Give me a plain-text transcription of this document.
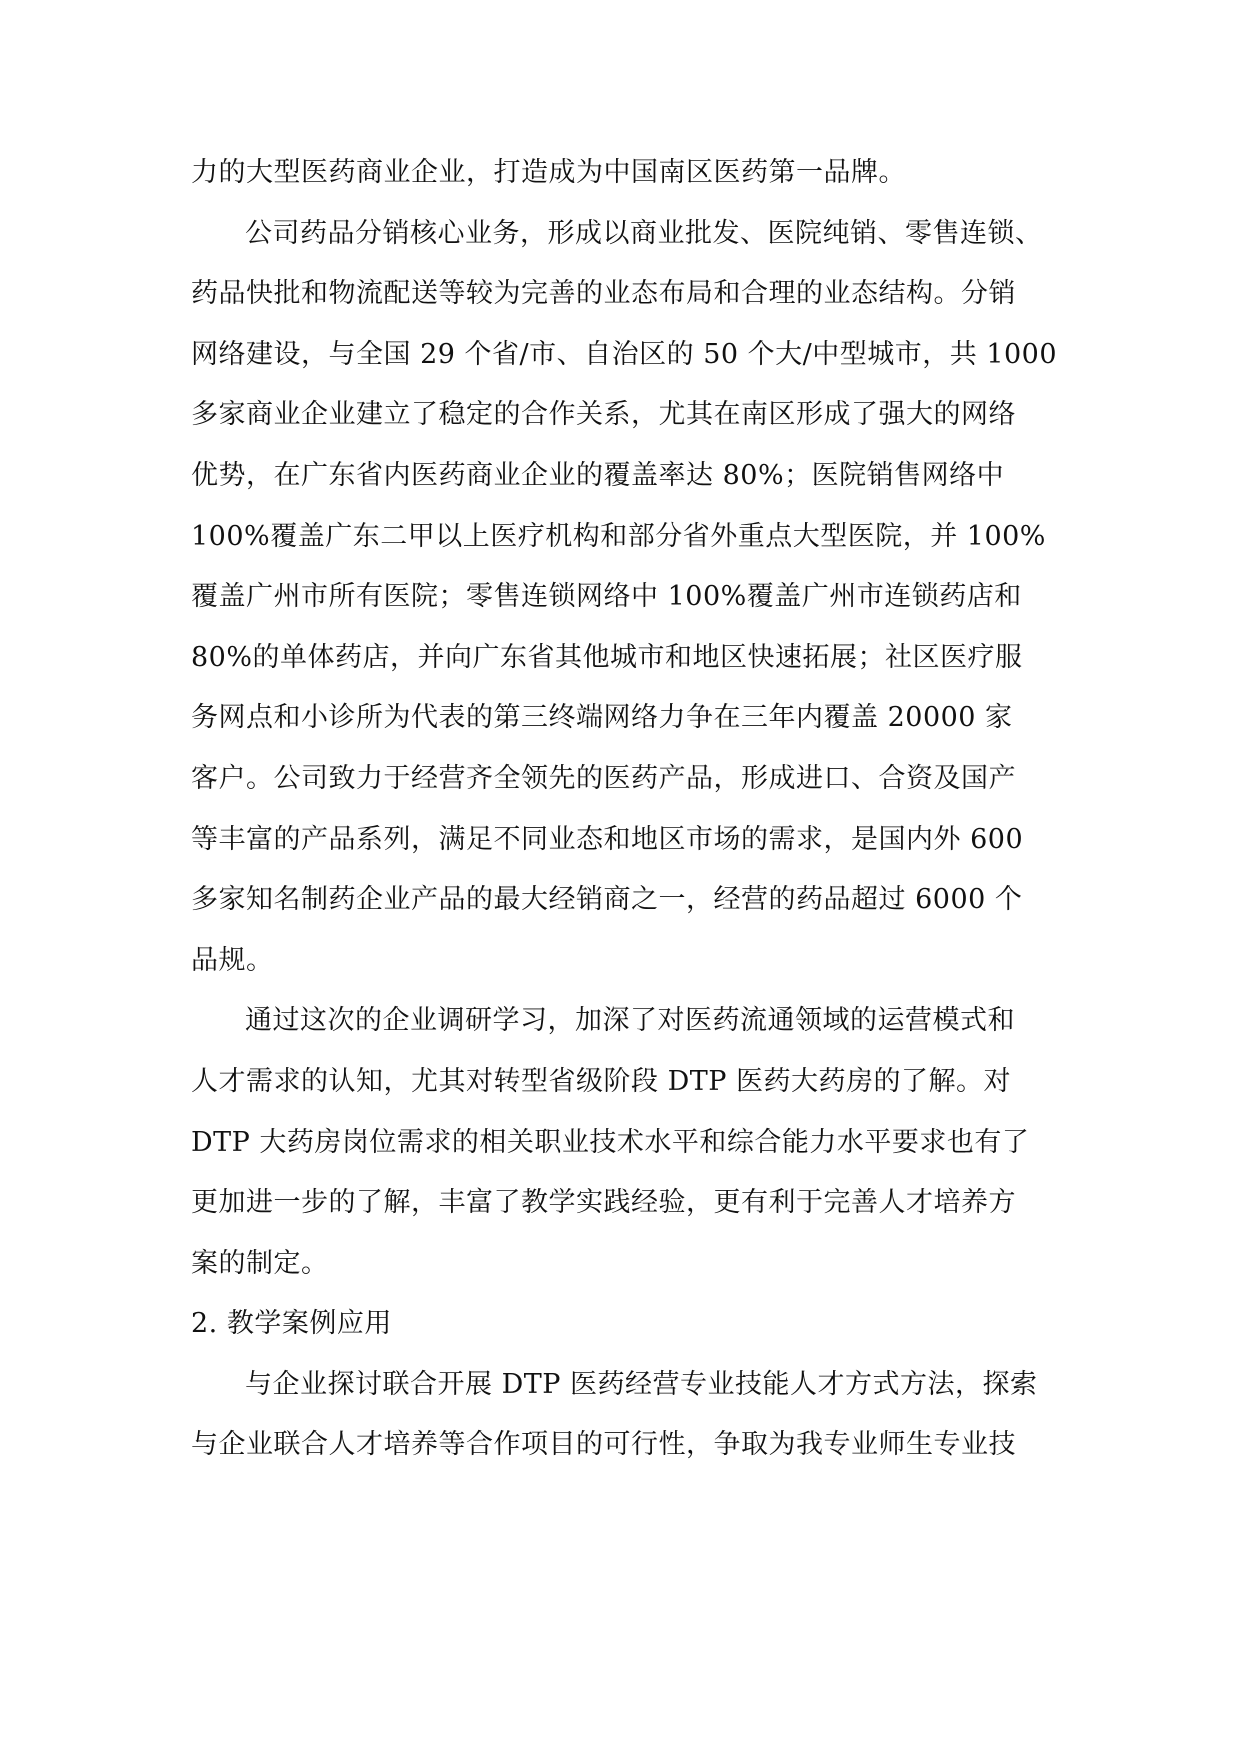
力的大型医药商业企业，打造成为中国南区医药第一品牌。
公司药品分销核心业务，形成以商业批发、医院纯销、零售连锁、
药品快批和物流配送等较为完善的业态布局和合理的业态结构。分销
网络建设，与全国 29 个省/市、自治区的 50 个大/中型城市，共 1000
多家商业企业建立了稳定的合作关系，尤其在南区形成了强大的网络
优势，在广东省内医药商业企业的覆盖率达 80%；医院销售网络中
100%覆盖广东二甲以上医疗机构和部分省外重点大型医院，并 100%
覆盖广州市所有医院；零售连锁网络中 100%覆盖广州市连锁药店和
80%的单体药店，并向广东省其他城市和地区快速拓展；社区医疗服
务网点和小诊所为代表的第三终端网络力争在三年内覆盖 20000 家
客户。公司致力于经营齐全领先的医药产品，形成进口、合资及国产
等丰富的产品系列，满足不同业态和地区市场的需求，是国内外 600
多家知名制药企业产品的最大经销商之一，经营的药品超过 6000 个
品规。
通过这次的企业调研学习，加深了对医药流通领域的运营模式和
人才需求的认知，尤其对转型省级阶段 DTP 医药大药房的了解。对
DTP 大药房岗位需求的相关职业技术水平和综合能力水平要求也有了
更加进一步的了解，丰富了教学实践经验，更有利于完善人才培养方
案的制定。
2. 教学案例应用
与企业探讨联合开展 DTP 医药经营专业技能人才方式方法，探索
与企业联合人才培养等合作项目的可行性，争取为我专业师生专业技
